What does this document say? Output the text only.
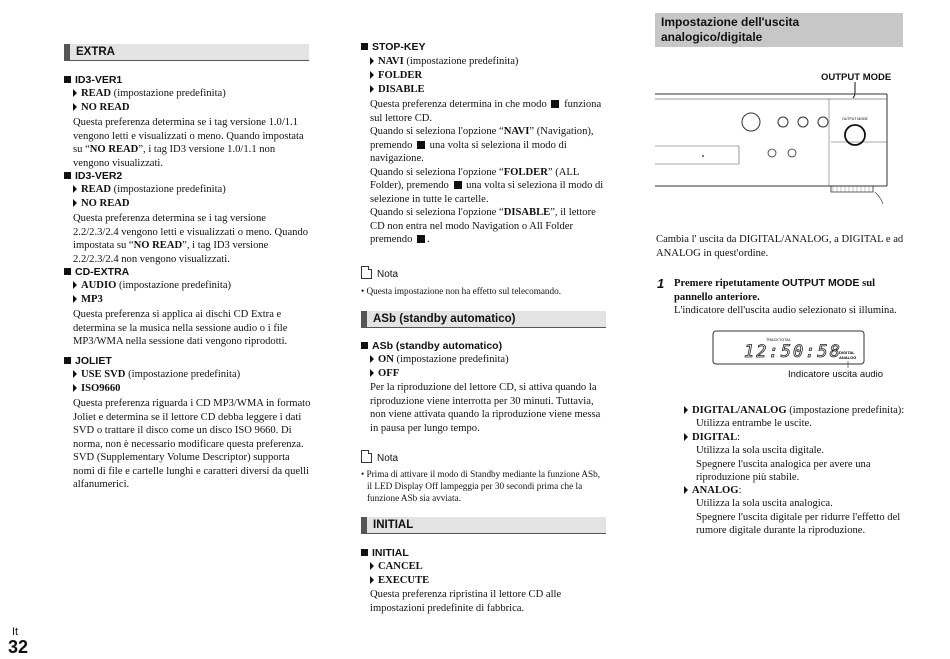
EXTRA
ID3-VER1
READ (impostazione predefinita)
NO READ
Questa preferenza determina se i tag versione 1.0/1.1
vengono letti e visualizzati o meno. Quando impostata
su “NO READ”, i tag ID3 versione 1.0/1.1 non
vengono visualizzati.
ID3-VER2
READ (impostazione predefinita)
NO READ
Questa preferenza determina se i tag versione
2.2/2.3/2.4 vengono letti e visualizzati o meno. Quando
impostata su “NO READ”, i tag ID3 versione
2.2/2.3/2.4 non vengono visualizzati.
CD-EXTRA
AUDIO (impostazione predefinita)
MP3
Questa preferenza si applica ai dischi CD Extra e
determina se la musica nella sessione audio o i file
MP3/WMA nella sessione dati vengono riprodotti.
JOLIET
USE SVD (impostazione predefinita)
ISO9660
Questa preferenza riguarda i CD MP3/WMA in formato
Joliet e determina se il lettore CD debba leggere i dati
SVD o trattare il disco come un disco ISO 9660. Di
norma, non è necessario modificare questa preferenza.
SVD (Supplementary Volume Descriptor) supporta
nomi di file e cartelle lunghi e caratteri diversi da quelli
alfanumerici.
STOP-KEY
NAVI (impostazione predefinita)
FOLDER
DISABLE
Questa preferenza determina in che modo  funziona
sul lettore CD.
Quando si seleziona l'opzione “NAVI” (Navigation),
premendo  una volta si seleziona il modo di
navigazione.
Quando si seleziona l'opzione “FOLDER” (ALL
Folder), premendo  una volta si seleziona il modo di
selezione in tutte le cartelle.
Quando si seleziona l'opzione “DISABLE”, il lettore
CD non entra nel modo Navigation o All Folder
premendo .
Nota
• Questa impostazione non ha effetto sul telecomando.
ASb (standby automatico)
ASb (standby automatico)
ON (impostazione predefinita)
OFF
Per la riproduzione del lettore CD, si attiva quando la
riproduzione viene interrotta per 30 minuti. Tuttavia,
non viene attivata quando la riproduzione viene messa
in pausa per lungo tempo.
Nota
• Prima di attivare il modo di Standby mediante la funzione ASb,
il LED Display Off lampeggia per 30 secondi prima che la
funzione ASb sia avviata.
INITIAL
INITIAL
CANCEL
EXECUTE
Questa preferenza ripristina il lettore CD alle
impostazioni predefinite di fabbrica.
Impostazione dell'uscita
analogico/digitale
OUTPUT MODE
OUTPUT MODE
Cambia l' uscita da DIGITAL/ANALOG, a DIGITAL e ad
ANALOG in quest'ordine.
1 Premere ripetutamente OUTPUT MODE sul
pannello anteriore.
L'indicatore dell'uscita audio selezionato si illumina.
TRACK TOTAL
12:50:58
DIGITAL
ANALOG
Indicatore uscita audio
DIGITAL/ANALOG (impostazione predefinita):
Utilizza entrambe le uscite.
DIGITAL:
Utilizza la sola uscita digitale.
Spegnere l'uscita analogica per avere una
riproduzione più stabile.
ANALOG:
Utilizza la sola uscita analogica.
Spegnere l'uscita digitale per ridurre l'effetto del
rumore digitale durante la riproduzione.
It
32
